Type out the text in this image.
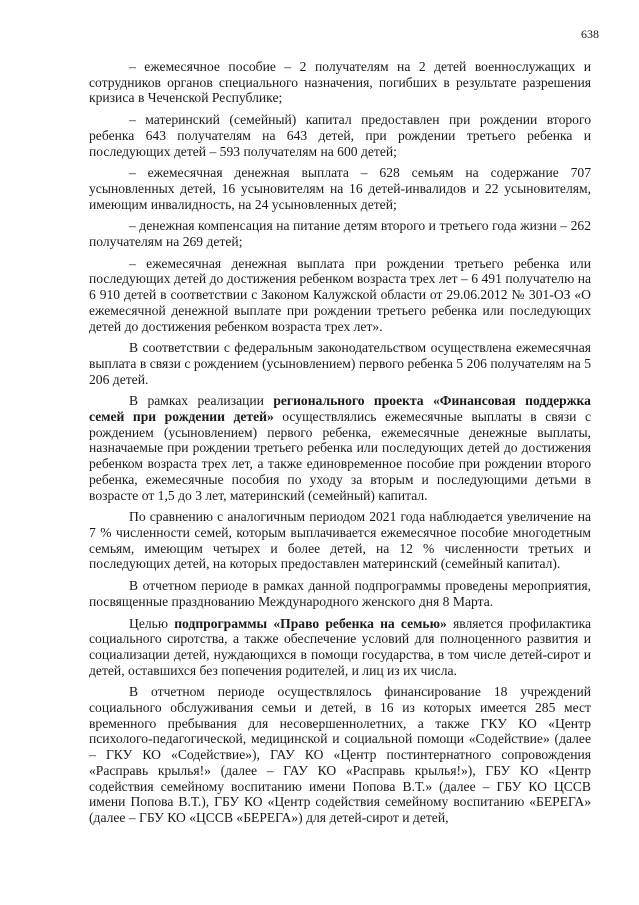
638

– ежемесячное пособие – 2 получателям на 2 детей военнослужащих и сотрудников органов специального назначения, погибших в результате разрешения кризиса в Чеченской Республике;

– материнский (семейный) капитал предоставлен при рождении второго ребенка 643 получателям на 643 детей, при рождении третьего ребенка и последующих детей – 593 получателям на 600 детей;

– ежемесячная денежная выплата – 628 семьям на содержание 707 усыновленных детей, 16 усыновителям на 16 детей-инвалидов и 22 усыновителям, имеющим инвалидность, на 24 усыновленных детей;

– денежная компенсация на питание детям второго и третьего года жизни – 262 получателям на 269 детей;

– ежемесячная денежная выплата при рождении третьего ребенка или последующих детей до достижения ребенком возраста трех лет – 6 491 получателю на 6 910 детей в соответствии с Законом Калужской области от 29.06.2012 № 301-ОЗ «О ежемесячной денежной выплате при рождении третьего ребенка или последующих детей до достижения ребенком возраста трех лет».

В соответствии с федеральным законодательством осуществлена ежемесячная выплата в связи с рождением (усыновлением) первого ребенка 5 206 получателям на 5 206 детей.

В рамках реализации регионального проекта «Финансовая поддержка семей при рождении детей» осуществлялись ежемесячные выплаты в связи с рождением (усыновлением) первого ребенка, ежемесячные денежные выплаты, назначаемые при рождении третьего ребенка или последующих детей до достижения ребенком возраста трех лет, а также единовременное пособие при рождении второго ребенка, ежемесячные пособия по уходу за вторым и последующими детьми в возрасте от 1,5 до 3 лет, материнский (семейный) капитал.

По сравнению с аналогичным периодом 2021 года наблюдается увеличение на 7 % численности семей, которым выплачивается ежемесячное пособие многодетным семьям, имеющим четырех и более детей, на 12 % численности третьих и последующих детей, на которых предоставлен материнский (семейный капитал).

В отчетном периоде в рамках данной подпрограммы проведены мероприятия, посвященные празднованию Международного женского дня 8 Марта.

Целью подпрограммы «Право ребенка на семью» является профилактика социального сиротства, а также обеспечение условий для полноценного развития и социализации детей, нуждающихся в помощи государства, в том числе детей-сирот и детей, оставшихся без попечения родителей, и лиц из их числа.

В отчетном периоде осуществлялось финансирование 18 учреждений социального обслуживания семьи и детей, в 16 из которых имеется 285 мест временного пребывания для несовершеннолетних, а также ГКУ КО «Центр психолого-педагогической, медицинской и социальной помощи «Содействие» (далее – ГКУ КО «Содействие»), ГАУ КО «Центр постинтернатного сопровождения «Расправь крылья!» (далее – ГАУ КО «Расправь крылья!»), ГБУ КО «Центр содействия семейному воспитанию имени Попова В.Т.» (далее – ГБУ КО ЦССВ имени Попова В.Т.), ГБУ КО «Центр содействия семейному воспитанию «БЕРЕГА» (далее – ГБУ КО «ЦССВ «БЕРЕГА») для детей-сирот и детей,
